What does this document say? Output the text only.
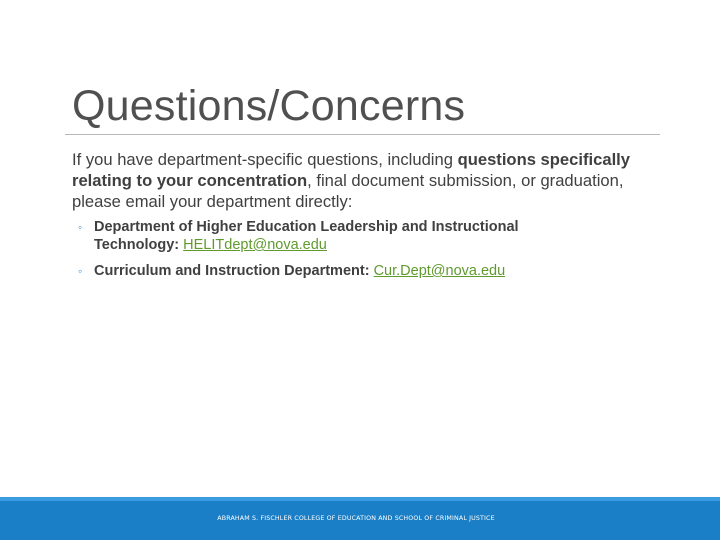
Questions/Concerns
If you have department-specific questions, including questions specifically relating to your concentration, final document submission, or graduation, please email your department directly:
◦ Department of Higher Education Leadership and Instructional Technology: HELITdept@nova.edu
◦ Curriculum and Instruction Department: Cur.Dept@nova.edu
ABRAHAM S. FISCHLER COLLEGE OF EDUCATION AND SCHOOL OF CRIMINAL JUSTICE
